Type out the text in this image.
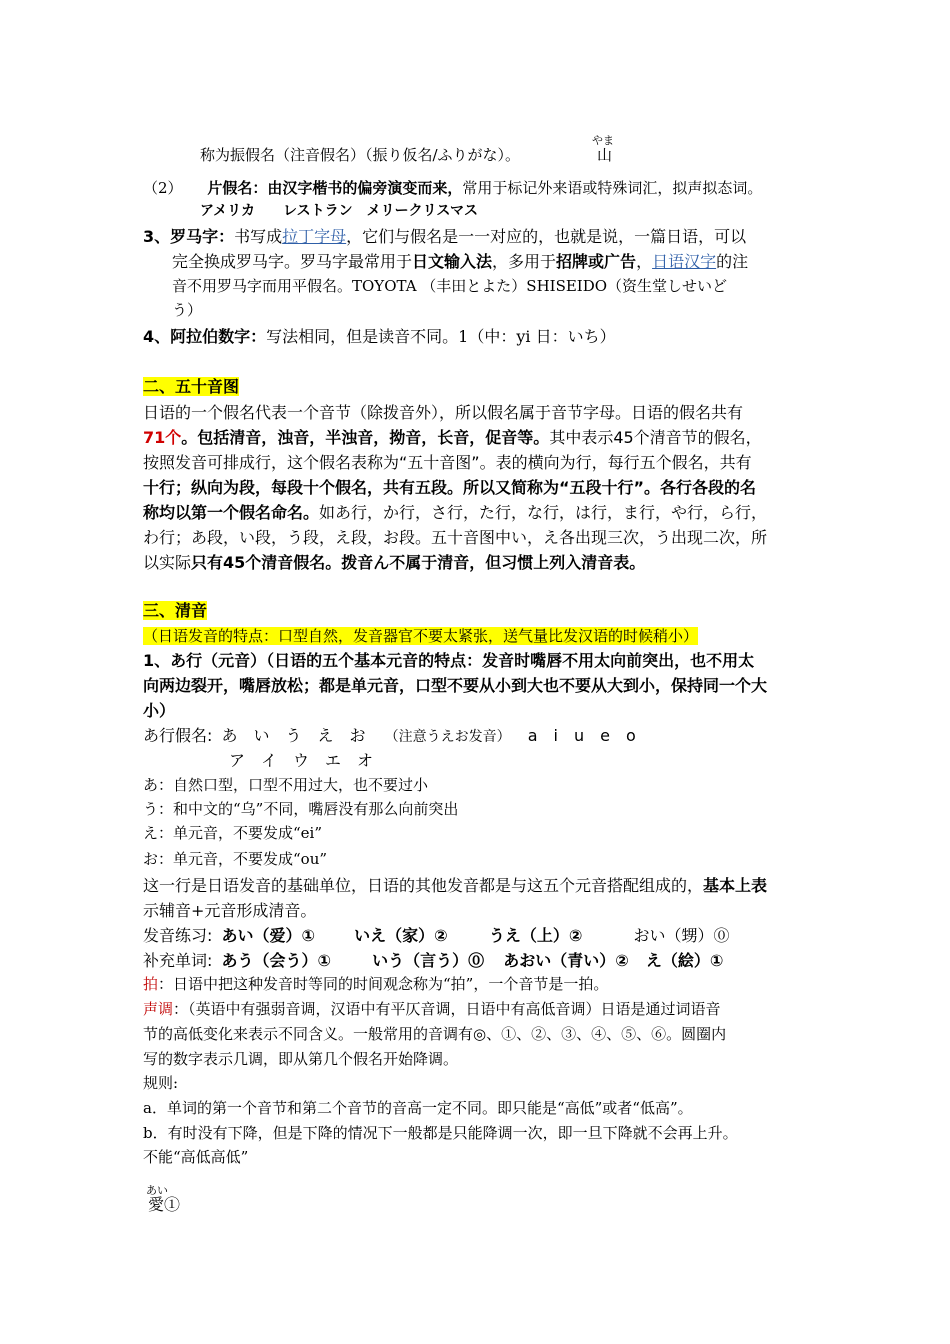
称为振假名（注音假名）（振り仮名/ふりがな）。
やま
山
（2） 片假名：由汉字楷书的偏旁演变而来，常用于标记外来语或特殊词汇，拟声拟态词。
アメリカ　　レストラン　メリークリスマス
3、罗马字：书写成拉丁字母，它们与假名是一一对应的，也就是说，一篇日语，可以
完全换成罗马字。罗马字最常用于日文输入法，多用于招牌或广告，日语汉字的注
音不用罗马字而用平假名。TOYOTA （丰田とよた）SHISEIDO（资生堂しせいど
う）
4、阿拉伯数字：写法相同，但是读音不同。1（中：yi 日：いち）
二、五十音图
日语的一个假名代表一个音节（除拨音外），所以假名属于音节字母。日语的假名共有
71个。包括清音，浊音，半浊音，拗音，长音，促音等。其中表示45个清音节的假名，
按照发音可排成行，这个假名表称为“五十音图”。表的横向为行，每行五个假名，共有
十行；纵向为段，每段十个假名，共有五段。所以又简称为“五段十行”。各行各段的名
称均以第一个假名命名。如あ行，か行，さ行，た行，な行，は行，ま行，や行，ら行，
わ行；あ段，い段，う段，え段，お段。五十音图中い，え各出现三次，う出现二次，所
以实际只有45个清音假名。拨音ん不属于清音，但习惯上列入清音表。
三、清音
（日语发音的特点：口型自然，发音器官不要太紧张，送气量比发汉语的时候稍小）
1、あ行（元音）（日语的五个基本元音的特点：发音时嘴唇不用太向前突出，也不用太
向两边裂开，嘴唇放松；都是单元音，口型不要从小到大也不要从大到小，保持同一个大
小）
あ行假名: あ　い　う　え　お （注意うえお发音） a　i　u　e　o
ア　イ　ウ　エ　オ
あ：自然口型，口型不用过大，也不要过小
う：和中文的“乌”不同，嘴唇没有那么向前突出
え：单元音，不要发成“ei”
お：单元音，不要发成“ou”
这一行是日语发音的基础单位，日语的其他发音都是与这五个元音搭配组成的，基本上表
示辅音+元音形成清音。
发音练习: あい（爱）① いえ（家）②	うえ（上）②	おい（甥）⓪
补充单词: あう（会う）①	いう（言う）⓪ あおい（青い）② え（絵）①
拍：日语中把这种发音时等同的时间观念称为“拍”，一个音节是一拍。
声调：（英语中有强弱音调，汉语中有平仄音调，日语中有高低音调）日语是通过词语音
节的高低变化来表示不同含义。一般常用的音调有◎、①、②、③、④、⑤、⑥。圆圈内
写的数字表示几调，即从第几个假名开始降调。
规则:
a．单词的第一个音节和第二个音节的音高一定不同。即只能是“高低”或者“低高”。
b．有时没有下降，但是下降的情况下一般都是只能降调一次，即一旦下降就不会再上升。
不能“高低高低”
あい
愛①
